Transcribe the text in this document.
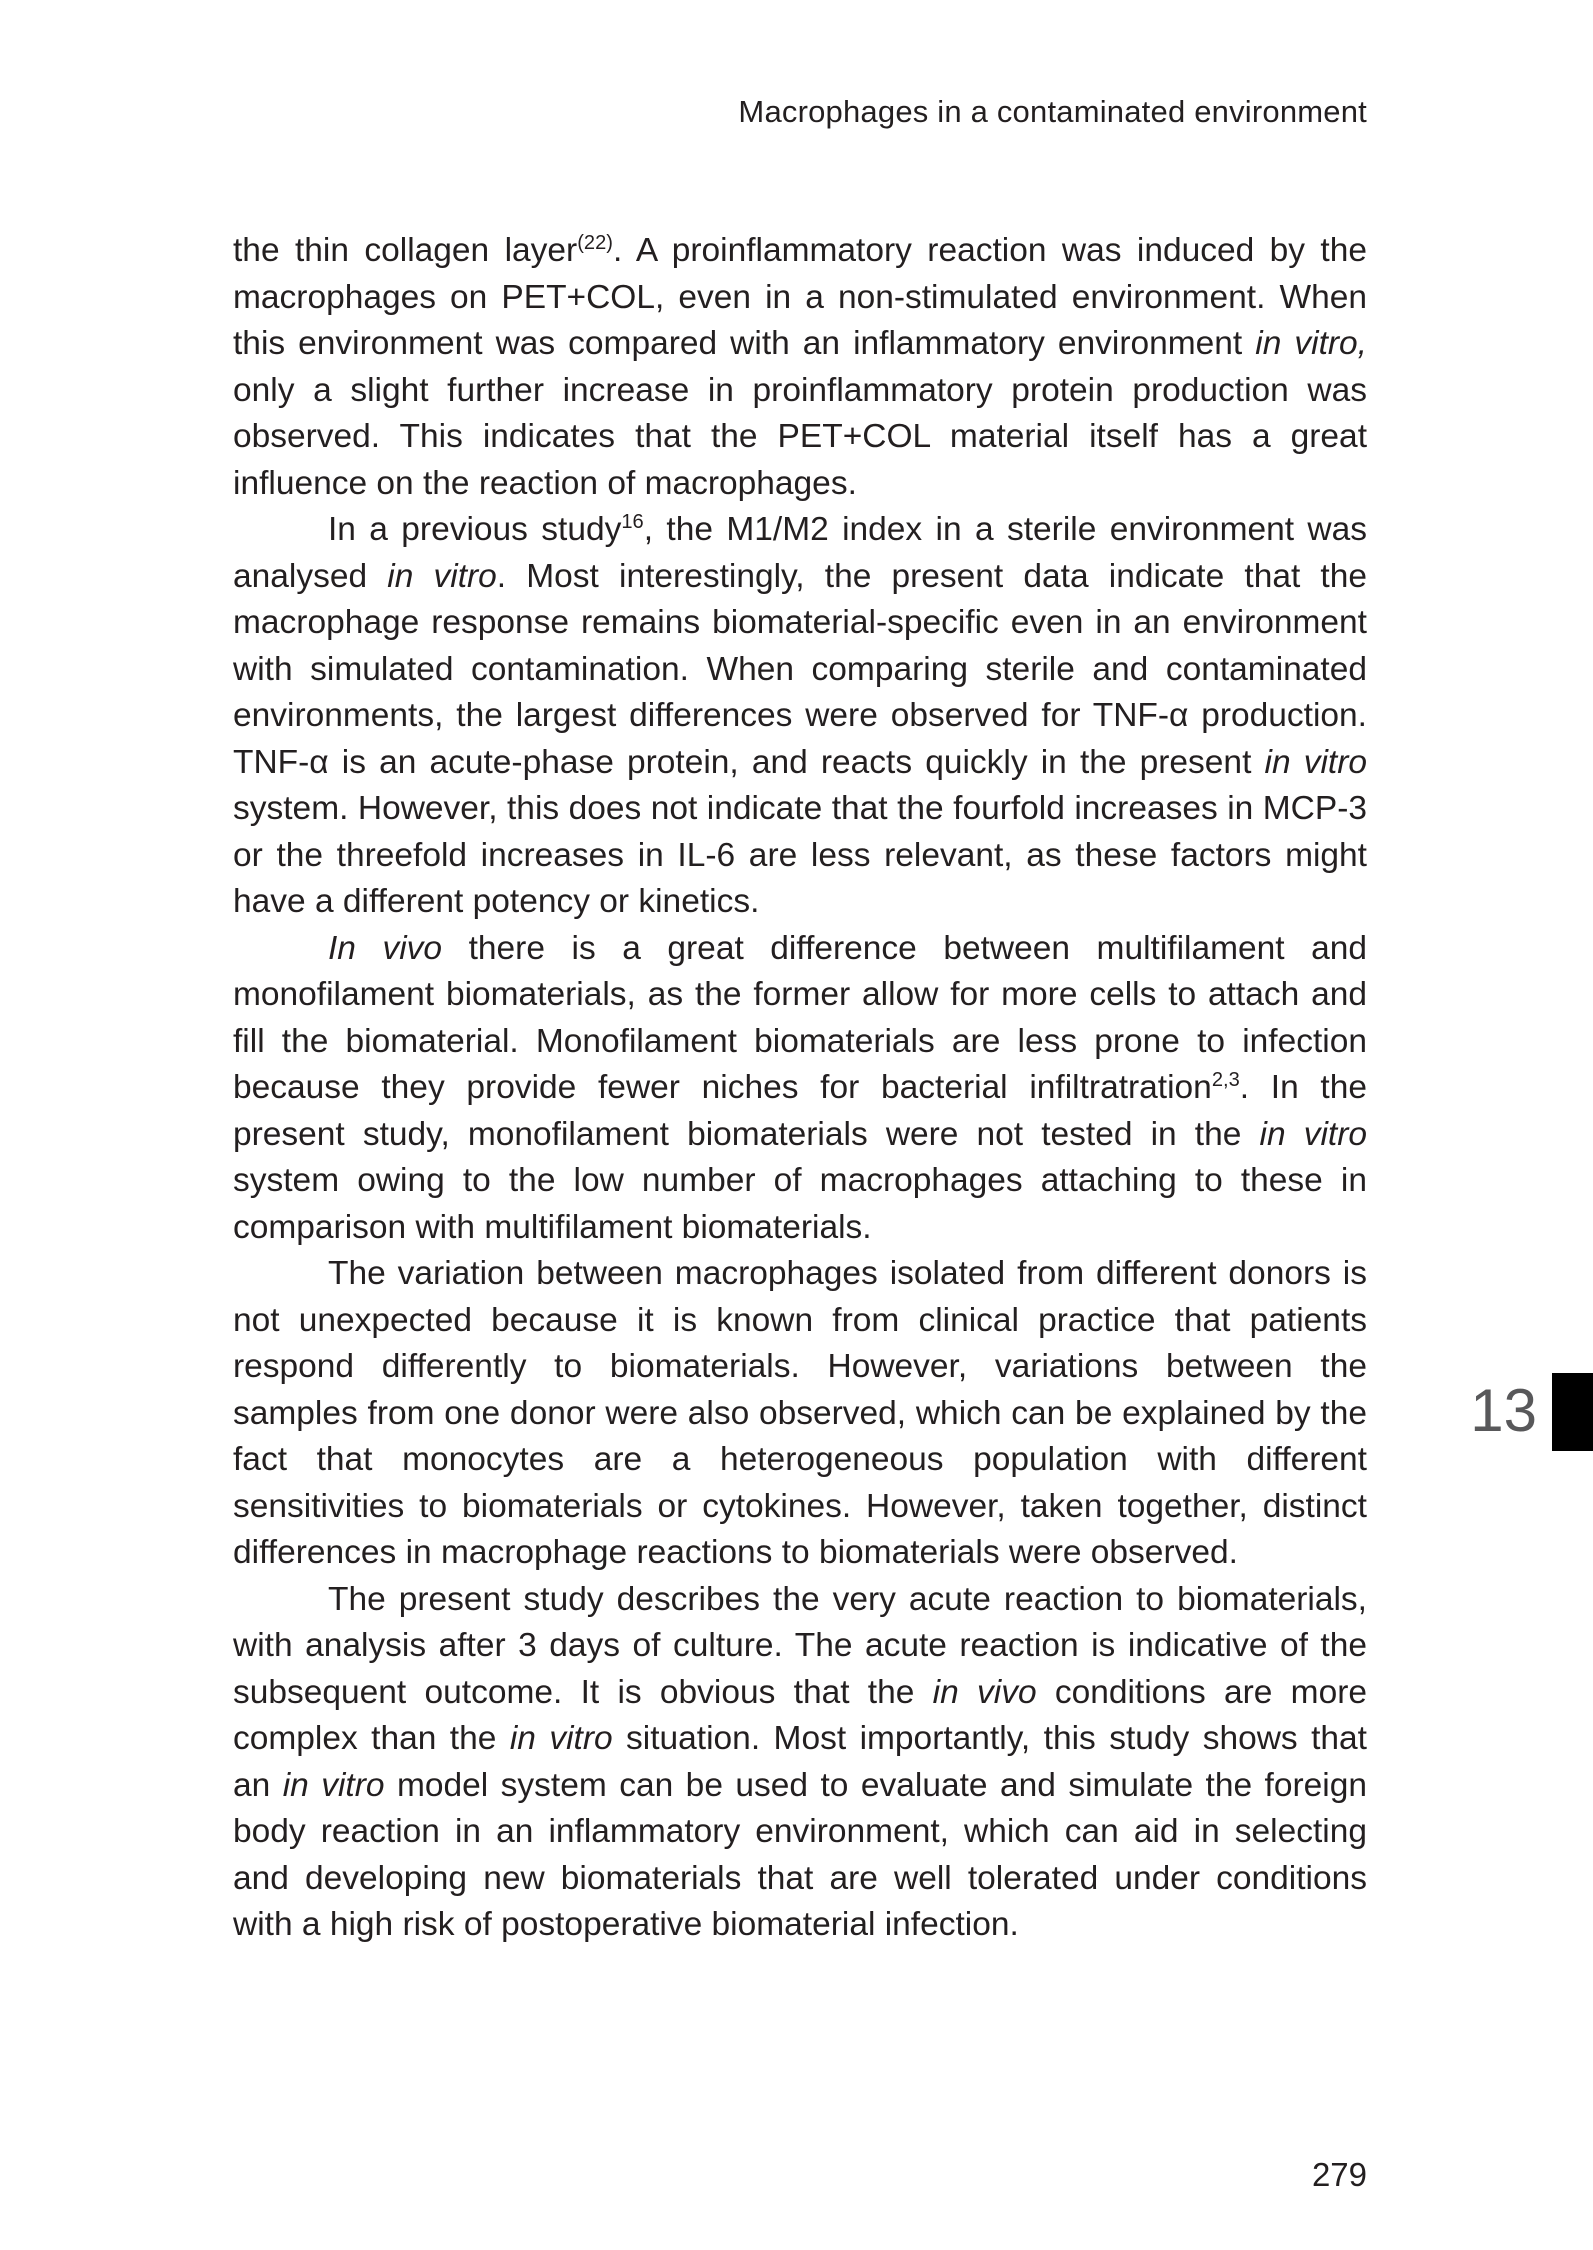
Macrophages in a contaminated environment

the thin collagen layer$^{(22)}$. A proinflammatory reaction was induced by the macrophages on PET+COL, even in a non-stimulated environment. When this environment was compared with an inflammatory environment in vitro, only a slight further increase in proinflammatory protein production was observed. This indicates that the PET+COL material itself has a great influence on the reaction of macrophages.

In a previous study$^{16}$, the M1/M2 index in a sterile environment was analysed in vitro. Most interestingly, the present data indicate that the macrophage response remains biomaterial-specific even in an environment with simulated contamination. When comparing sterile and contaminated environments, the largest differences were observed for TNF-α production. TNF-α is an acute-phase protein, and reacts quickly in the present in vitro system. However, this does not indicate that the fourfold increases in MCP-3 or the threefold increases in IL-6 are less relevant, as these factors might have a different potency or kinetics.

In vivo there is a great difference between multifilament and monofilament biomaterials, as the former allow for more cells to attach and fill the biomaterial. Monofilament biomaterials are less prone to infection because they provide fewer niches for bacterial infiltratration$^{2,3}$. In the present study, monofilament biomaterials were not tested in the in vitro system owing to the low number of macrophages attaching to these in comparison with multifilament biomaterials.

The variation between macrophages isolated from different donors is not unexpected because it is known from clinical practice that patients respond differently to biomaterials. However, variations between the samples from one donor were also observed, which can be explained by the fact that monocytes are a heterogeneous population with different sensitivities to biomaterials or cytokines. However, taken together, distinct differences in macrophage reactions to biomaterials were observed.

The present study describes the very acute reaction to biomaterials, with analysis after 3 days of culture. The acute reaction is indicative of the subsequent outcome. It is obvious that the in vivo conditions are more complex than the in vitro situation. Most importantly, this study shows that an in vitro model system can be used to evaluate and simulate the foreign body reaction in an inflammatory environment, which can aid in selecting and developing new biomaterials that are well tolerated under conditions with a high risk of postoperative biomaterial infection.

13
279
